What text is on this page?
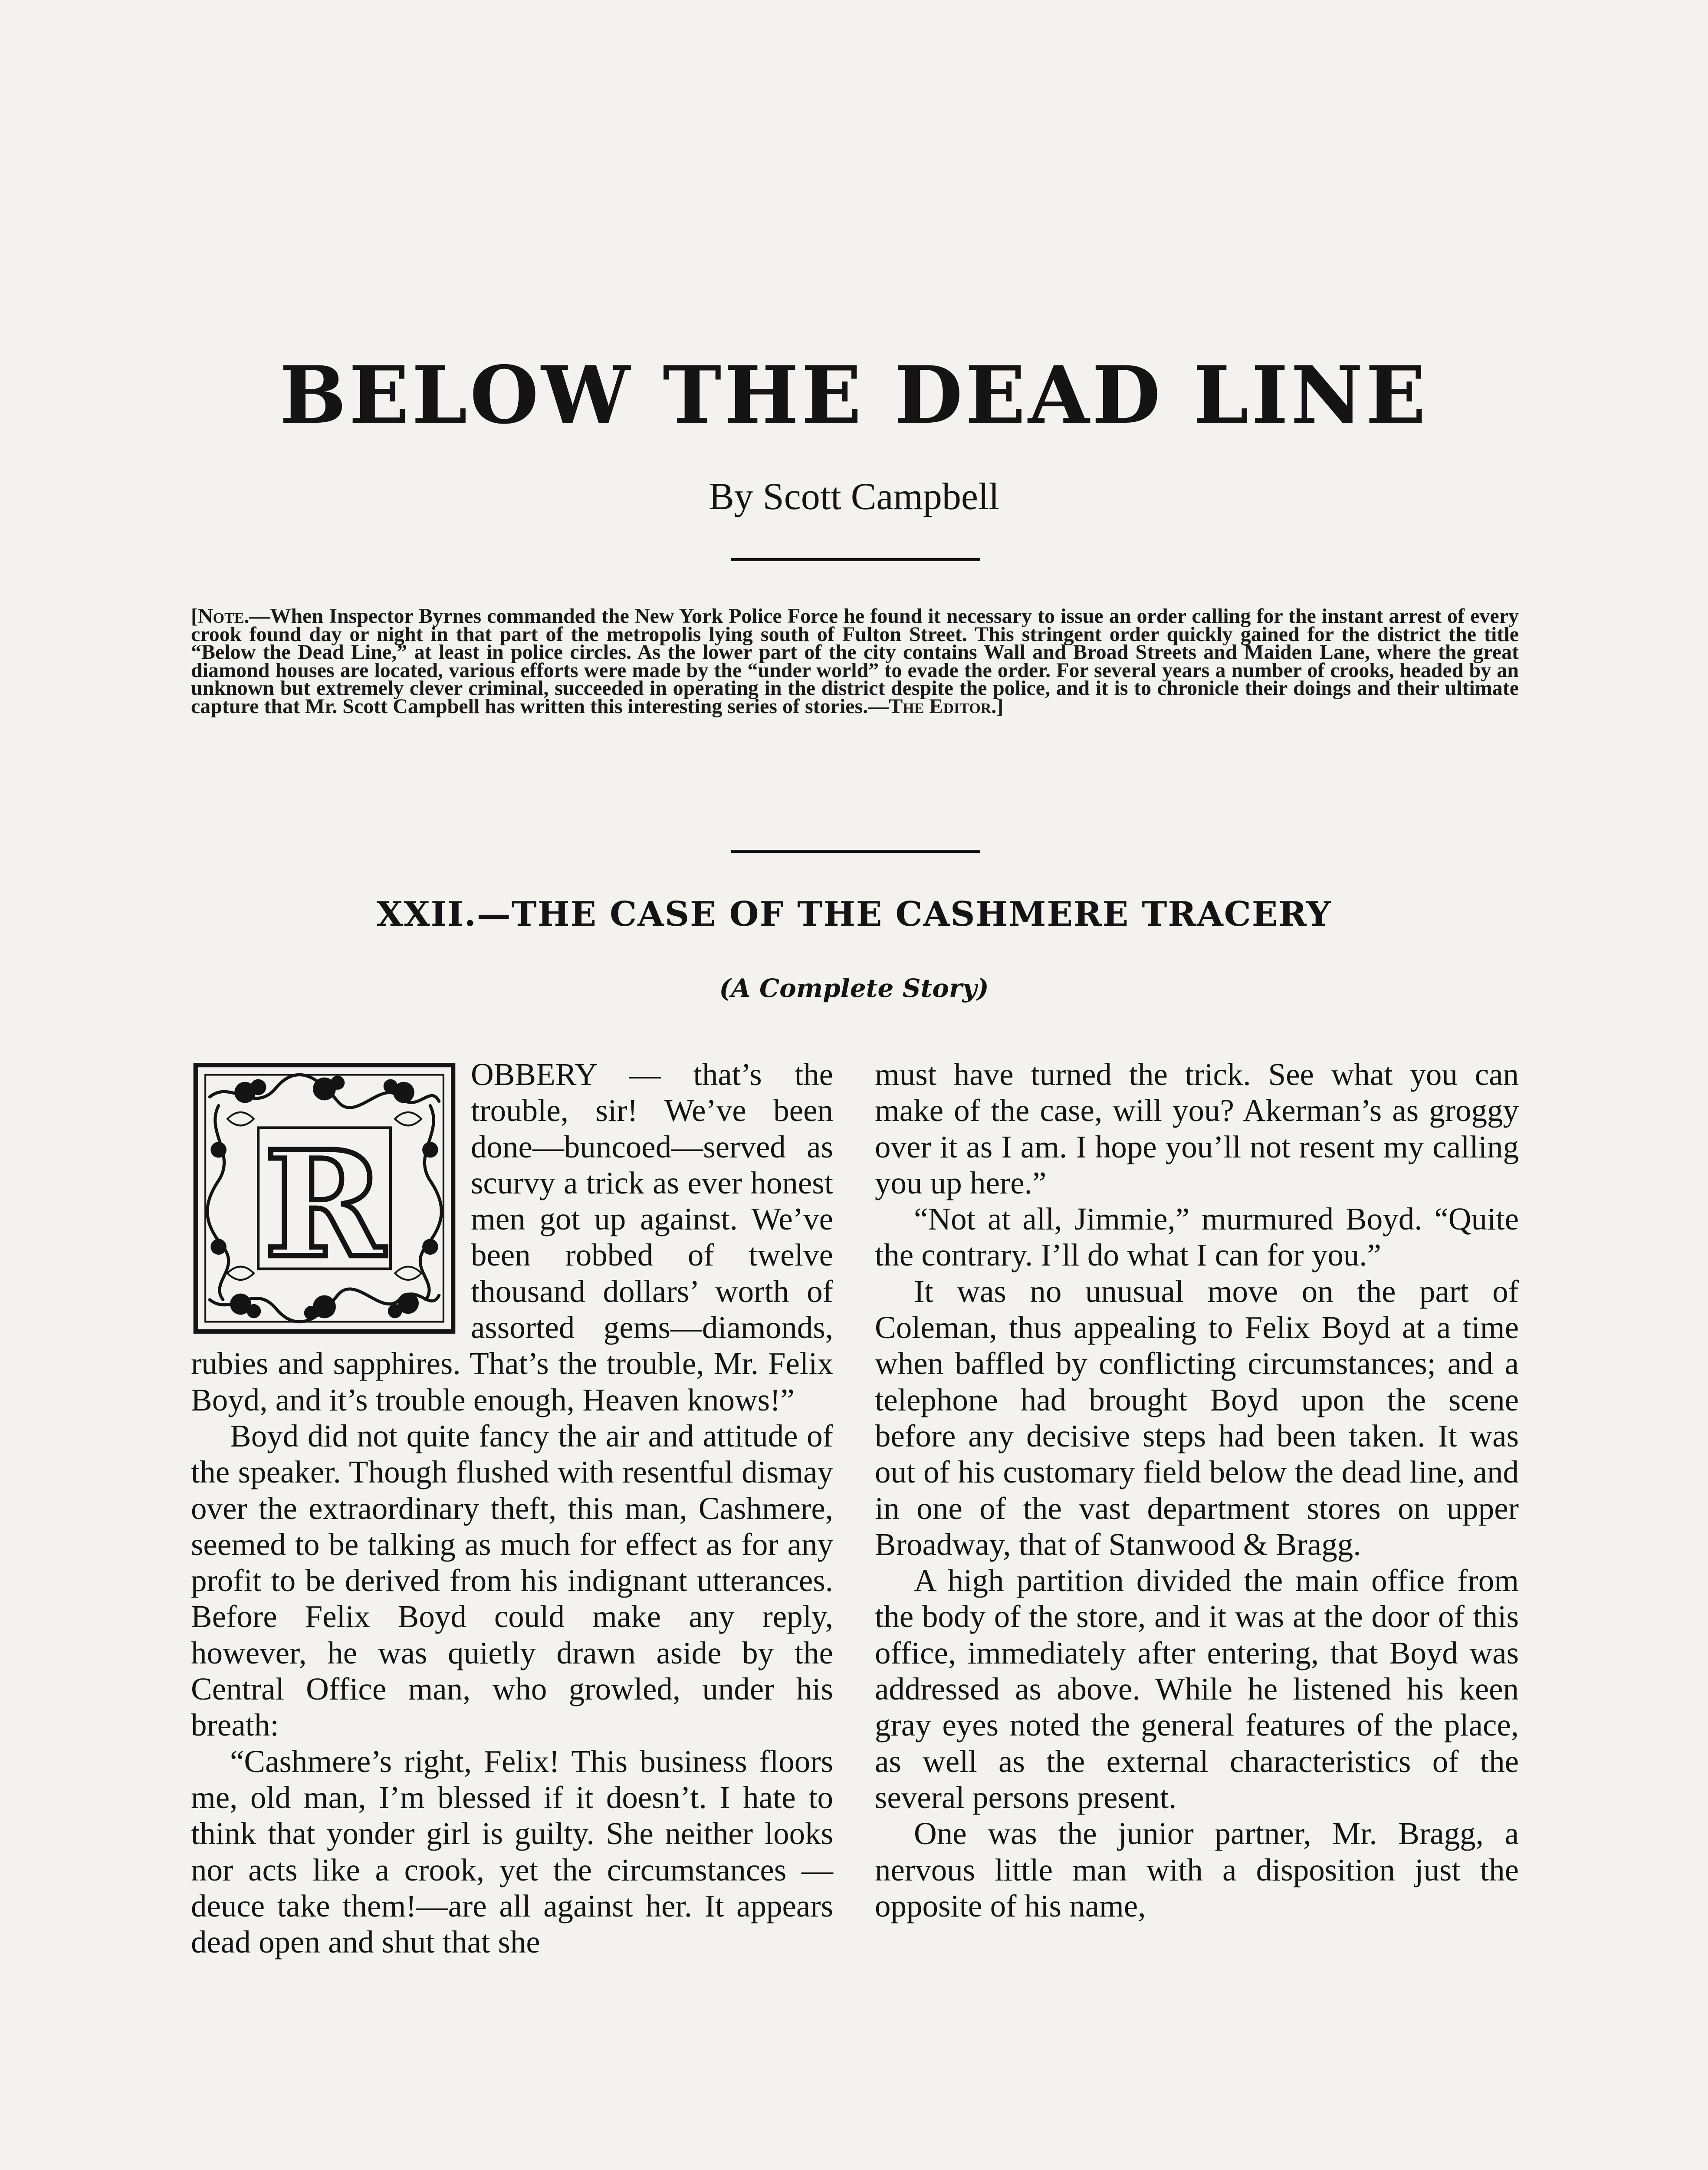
BELOW THE DEAD LINE
By Scott Campbell
[Note.—When Inspector Byrnes commanded the New York Police Force he found it necessary to issue an order calling for the instant arrest of every crook found day or night in that part of the metropolis lying south of Fulton Street. This stringent order quickly gained for the district the title “Below the Dead Line,” at least in police circles. As the lower part of the city contains Wall and Broad Streets and Maiden Lane, where the great diamond houses are located, various efforts were made by the “under world” to evade the order. For several years a number of crooks, headed by an unknown but extremely clever criminal, succeeded in operating in the district despite the police, and it is to chronicle their doings and their ultimate capture that Mr. Scott Campbell has written this interesting series of stories.—The Editor.]
XXII.—THE CASE OF THE CASHMERE TRACERY
(A Complete Story)
R

OBBERY — that’s the trouble, sir! We’ve been done—buncoed—served as scurvy a trick as ever honest men got up against. We’ve been robbed of twelve thousand dollars’ worth of assorted gems—diamonds, rubies and sapphires. That’s the trouble, Mr. Felix Boyd, and it’s trouble enough, Heaven knows!”

Boyd did not quite fancy the air and attitude of the speaker. Though flushed with resentful dismay over the extraordinary theft, this man, Cashmere, seemed to be talking as much for effect as for any profit to be derived from his indignant utterances. Before Felix Boyd could make any reply, however, he was quietly drawn aside by the Central Office man, who growled, under his breath:

“Cashmere’s right, Felix! This business floors me, old man, I’m blessed if it doesn’t. I hate to think that yonder girl is guilty. She neither looks nor acts like a crook, yet the circumstances —deuce take them!—are all against her. It appears dead open and shut that she

must have turned the trick. See what you can make of the case, will you? Akerman’s as groggy over it as I am. I hope you’ll not resent my calling you up here.”

“Not at all, Jimmie,” murmured Boyd. “Quite the contrary. I’ll do what I can for you.”

It was no unusual move on the part of Coleman, thus appealing to Felix Boyd at a time when baffled by conflicting circumstances; and a telephone had brought Boyd upon the scene before any decisive steps had been taken. It was out of his customary field below the dead line, and in one of the vast department stores on upper Broadway, that of Stanwood & Bragg.

A high partition divided the main office from the body of the store, and it was at the door of this office, immediately after entering, that Boyd was addressed as above. While he listened his keen gray eyes noted the general features of the place, as well as the external characteristics of the several persons present.

One was the junior partner, Mr. Bragg, a nervous little man with a disposition just the opposite of his name,
